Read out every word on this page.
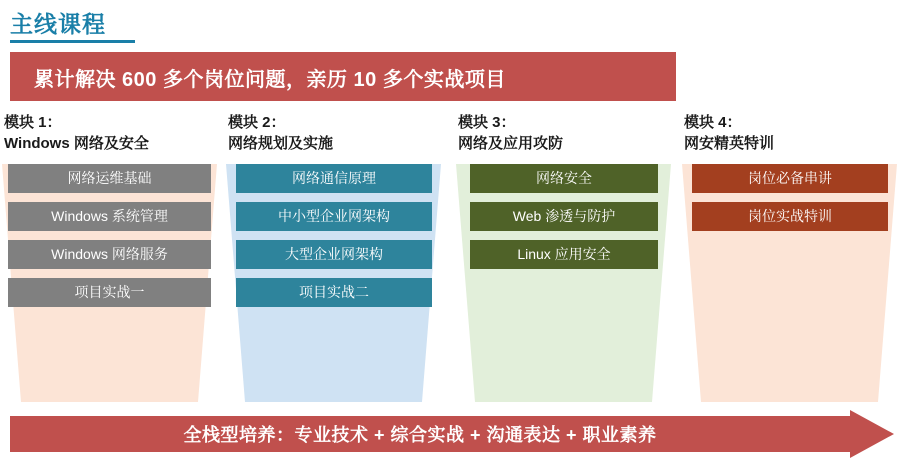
主线课程
累计解决 600 多个岗位问题，亲历 10 多个实战项目
模块 1：
Windows 网络及安全
网络运维基础
Windows 系统管理
Windows 网络服务
项目实战一
模块 2：
网络规划及实施
网络通信原理
中小型企业网架构
大型企业网架构
项目实战二
模块 3：
网络及应用攻防
网络安全
Web 渗透与防护
Linux 应用安全
模块 4：
网安精英特训
岗位必备串讲
岗位实战特训
全栈型培养：专业技术 + 综合实战 + 沟通表达 + 职业素养
